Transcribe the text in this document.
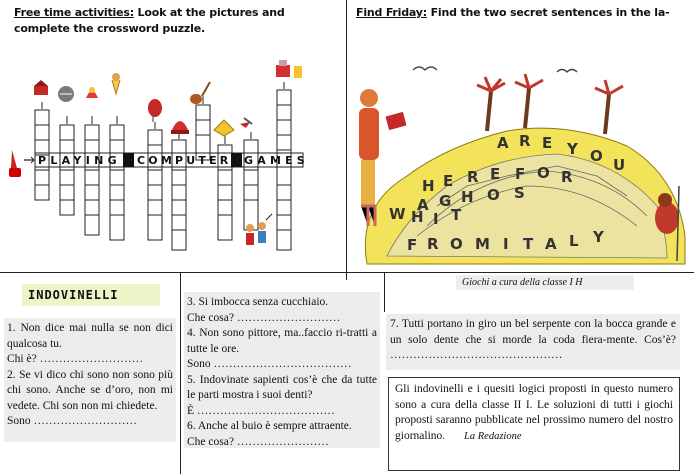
Free time activities: Look at the pictures and complete the crossword puzzle.
Find Friday: Find the two secret sentences in the la-
PLAYING COMPUTER GAMES
A R E Y O U
H E R E F O R
A G H O S
W H I T
F R O M I T A L Y
Giochi a cura della classe I H
INDOVINELLI
1. Non dice mai nulla se non dici qualcosa tu.
Chi è? ………………………
2. Se vi dico chi sono non sono più chi sono. Anche se d’oro, non mi vedete. Chi son non mi chiedete.
Sono ………………………
3. Si imbocca senza cucchiaio.
Che cosa? ………………………
4. Non sono pittore, ma..faccio ri-tratti a tutte le ore.
Sono ………………………………
5. Indovinate sapienti cos’è che da tutte le parti mostra i suoi denti?
È ………………………………
6. Anche al buio è sempre attraente.
Che cosa? ……………………
7. Tutti portano in giro un bel serpente con la bocca grande e un solo dente che si morde la coda fiera-mente. Cos’è? ………………………………………
Gli indovinelli e i quesiti logici proposti in questo numero sono a cura della classe II I. Le soluzioni di tutti i giochi proposti saranno pubblicate nel prossimo numero del nostro giornalino. La Redazione
